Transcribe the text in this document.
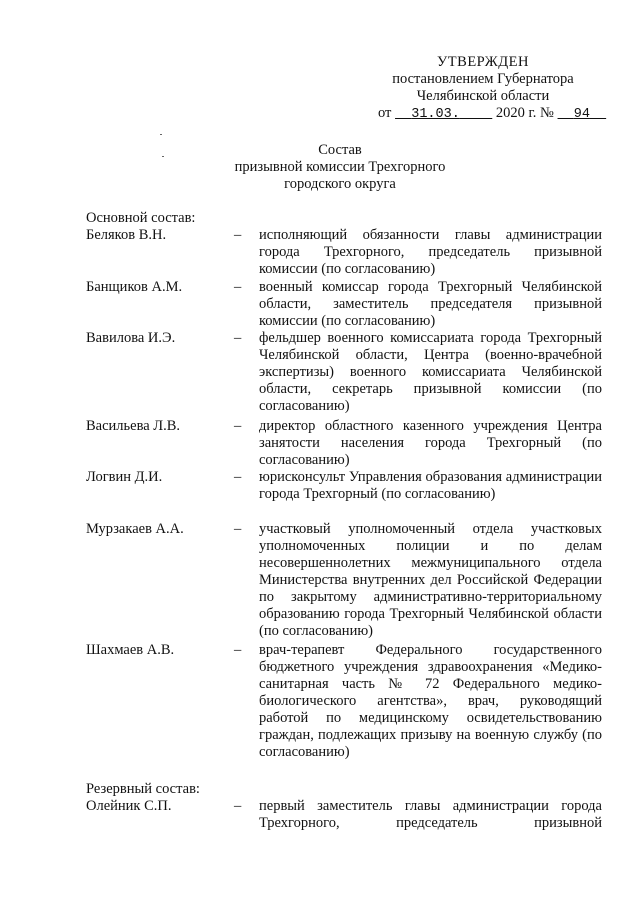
УТВЕРЖДЕН
постановлением Губернатора
Челябинской области
от 31.03. 2020 г. № 94
Состав
призывной комиссии Трехгорного
городского округа
Основной состав:
Беляков В.Н.	– исполняющий обязанности главы администрации города Трехгорного, председатель призывной комиссии (по согласованию)
Банщиков А.М.	– военный комиссар города Трехгорный Челябинской области, заместитель председателя призывной комиссии (по согласованию)
Вавилова И.Э.	– фельдшер военного комиссариата города Трехгорный Челябинской области, Центра (военно-врачебной экспертизы) военного комиссариата Челябинской области, секретарь призывной комиссии (по согласованию)
Васильева Л.В.	– директор областного казенного учреждения Центра занятости населения города Трехгорный (по согласованию)
Логвин Д.И.	– юрисконсульт Управления образования администрации города Трехгорный (по согласованию)
Мурзакаев А.А.	– участковый уполномоченный отдела участковых уполномоченных полиции и по делам несовершеннолетних межмуниципального отдела Министерства внутренних дел Российской Федерации по закрытому административно-территориальному образованию города Трехгорный Челябинской области (по согласованию)
Шахмаев А.В.	– врач-терапевт Федерального государственного бюджетного учреждения здравоохранения «Медико-санитарная часть № 72 Федерального медико-биологического агентства», врач, руководящий работой по медицинскому освидетельствованию граждан, подлежащих призыву на военную службу (по согласованию)
Резервный состав:
Олейник С.П.	– первый заместитель главы администрации города Трехгорного, председатель призывной
